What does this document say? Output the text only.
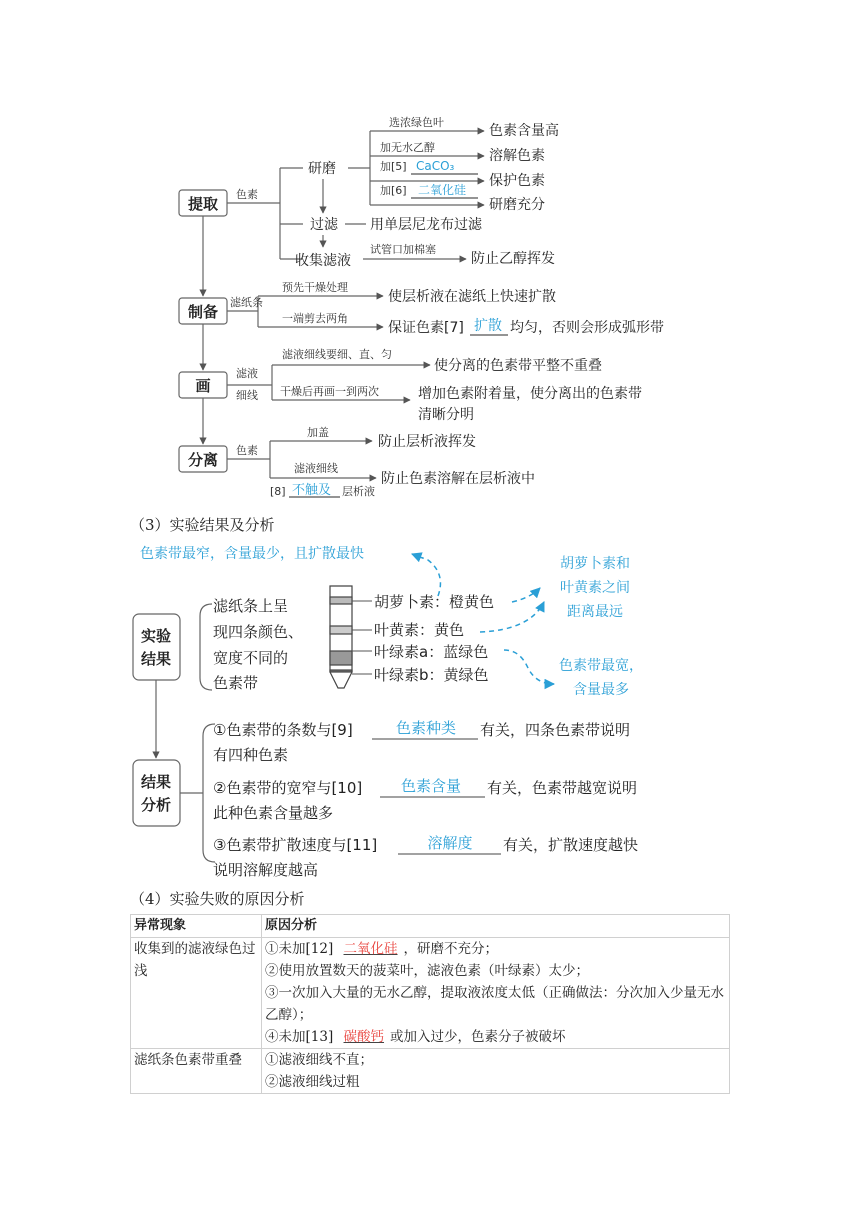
提取
制备
画
分离
色素
滤纸条
滤液
细线
色素
研磨
过滤
收集滤液
用单层尼龙布过滤
选浓绿色叶
加无水乙醇
加[5]
加[6]
试管口加棉塞
CaCO₃
二氧化硅
色素含量高
溶解色素
保护色素
研磨充分
防止乙醇挥发
预先干燥处理
一端剪去两角
使层析液在滤纸上快速扩散
保证色素[7]	均匀，否则会形成弧形带
扩散
滤液细线要细、直、匀
干燥后再画一到两次
使分离的色素带平整不重叠
增加色素附着量，使分离出的色素带
清晰分明
加盖
滤液细线
[8]	层析液
不触及
防止层析液挥发
防止色素溶解在层析液中
（3）实验结果及分析
色素带最窄，含量最少，且扩散最快
胡萝卜素和
叶黄素之间
距离最远
色素带最宽，
含量最多
实验
结果
结果
分析
滤纸条上呈
现四条颜色、
宽度不同的
色素带
胡萝卜素：橙黄色
叶黄素：黄色
叶绿素a：蓝绿色
叶绿素b：黄绿色
①色素带的条数与[9]	有关，四条色素带说明
有四种色素
②色素带的宽窄与[10]	有关，色素带越宽说明
此种色素含量越多
③色素带扩散速度与[11]	有关，扩散速度越快
说明溶解度越高
色素种类
色素含量
溶解度
（4）实验失败的原因分析
异常现象	原因分析
收集到的滤液绿色过浅	①未加[12] 二氧化硅 ，研磨不充分；
②使用放置数天的菠菜叶，滤液色素（叶绿素）太少；
③一次加入大量的无水乙醇，提取液浓度太低（正确做法：分次加入少量无水乙醇）；
④未加[13] 碳酸钙 或加入过少，色素分子被破坏

滤纸条色素带重叠	①滤液细线不直；
②滤液细线过粗
